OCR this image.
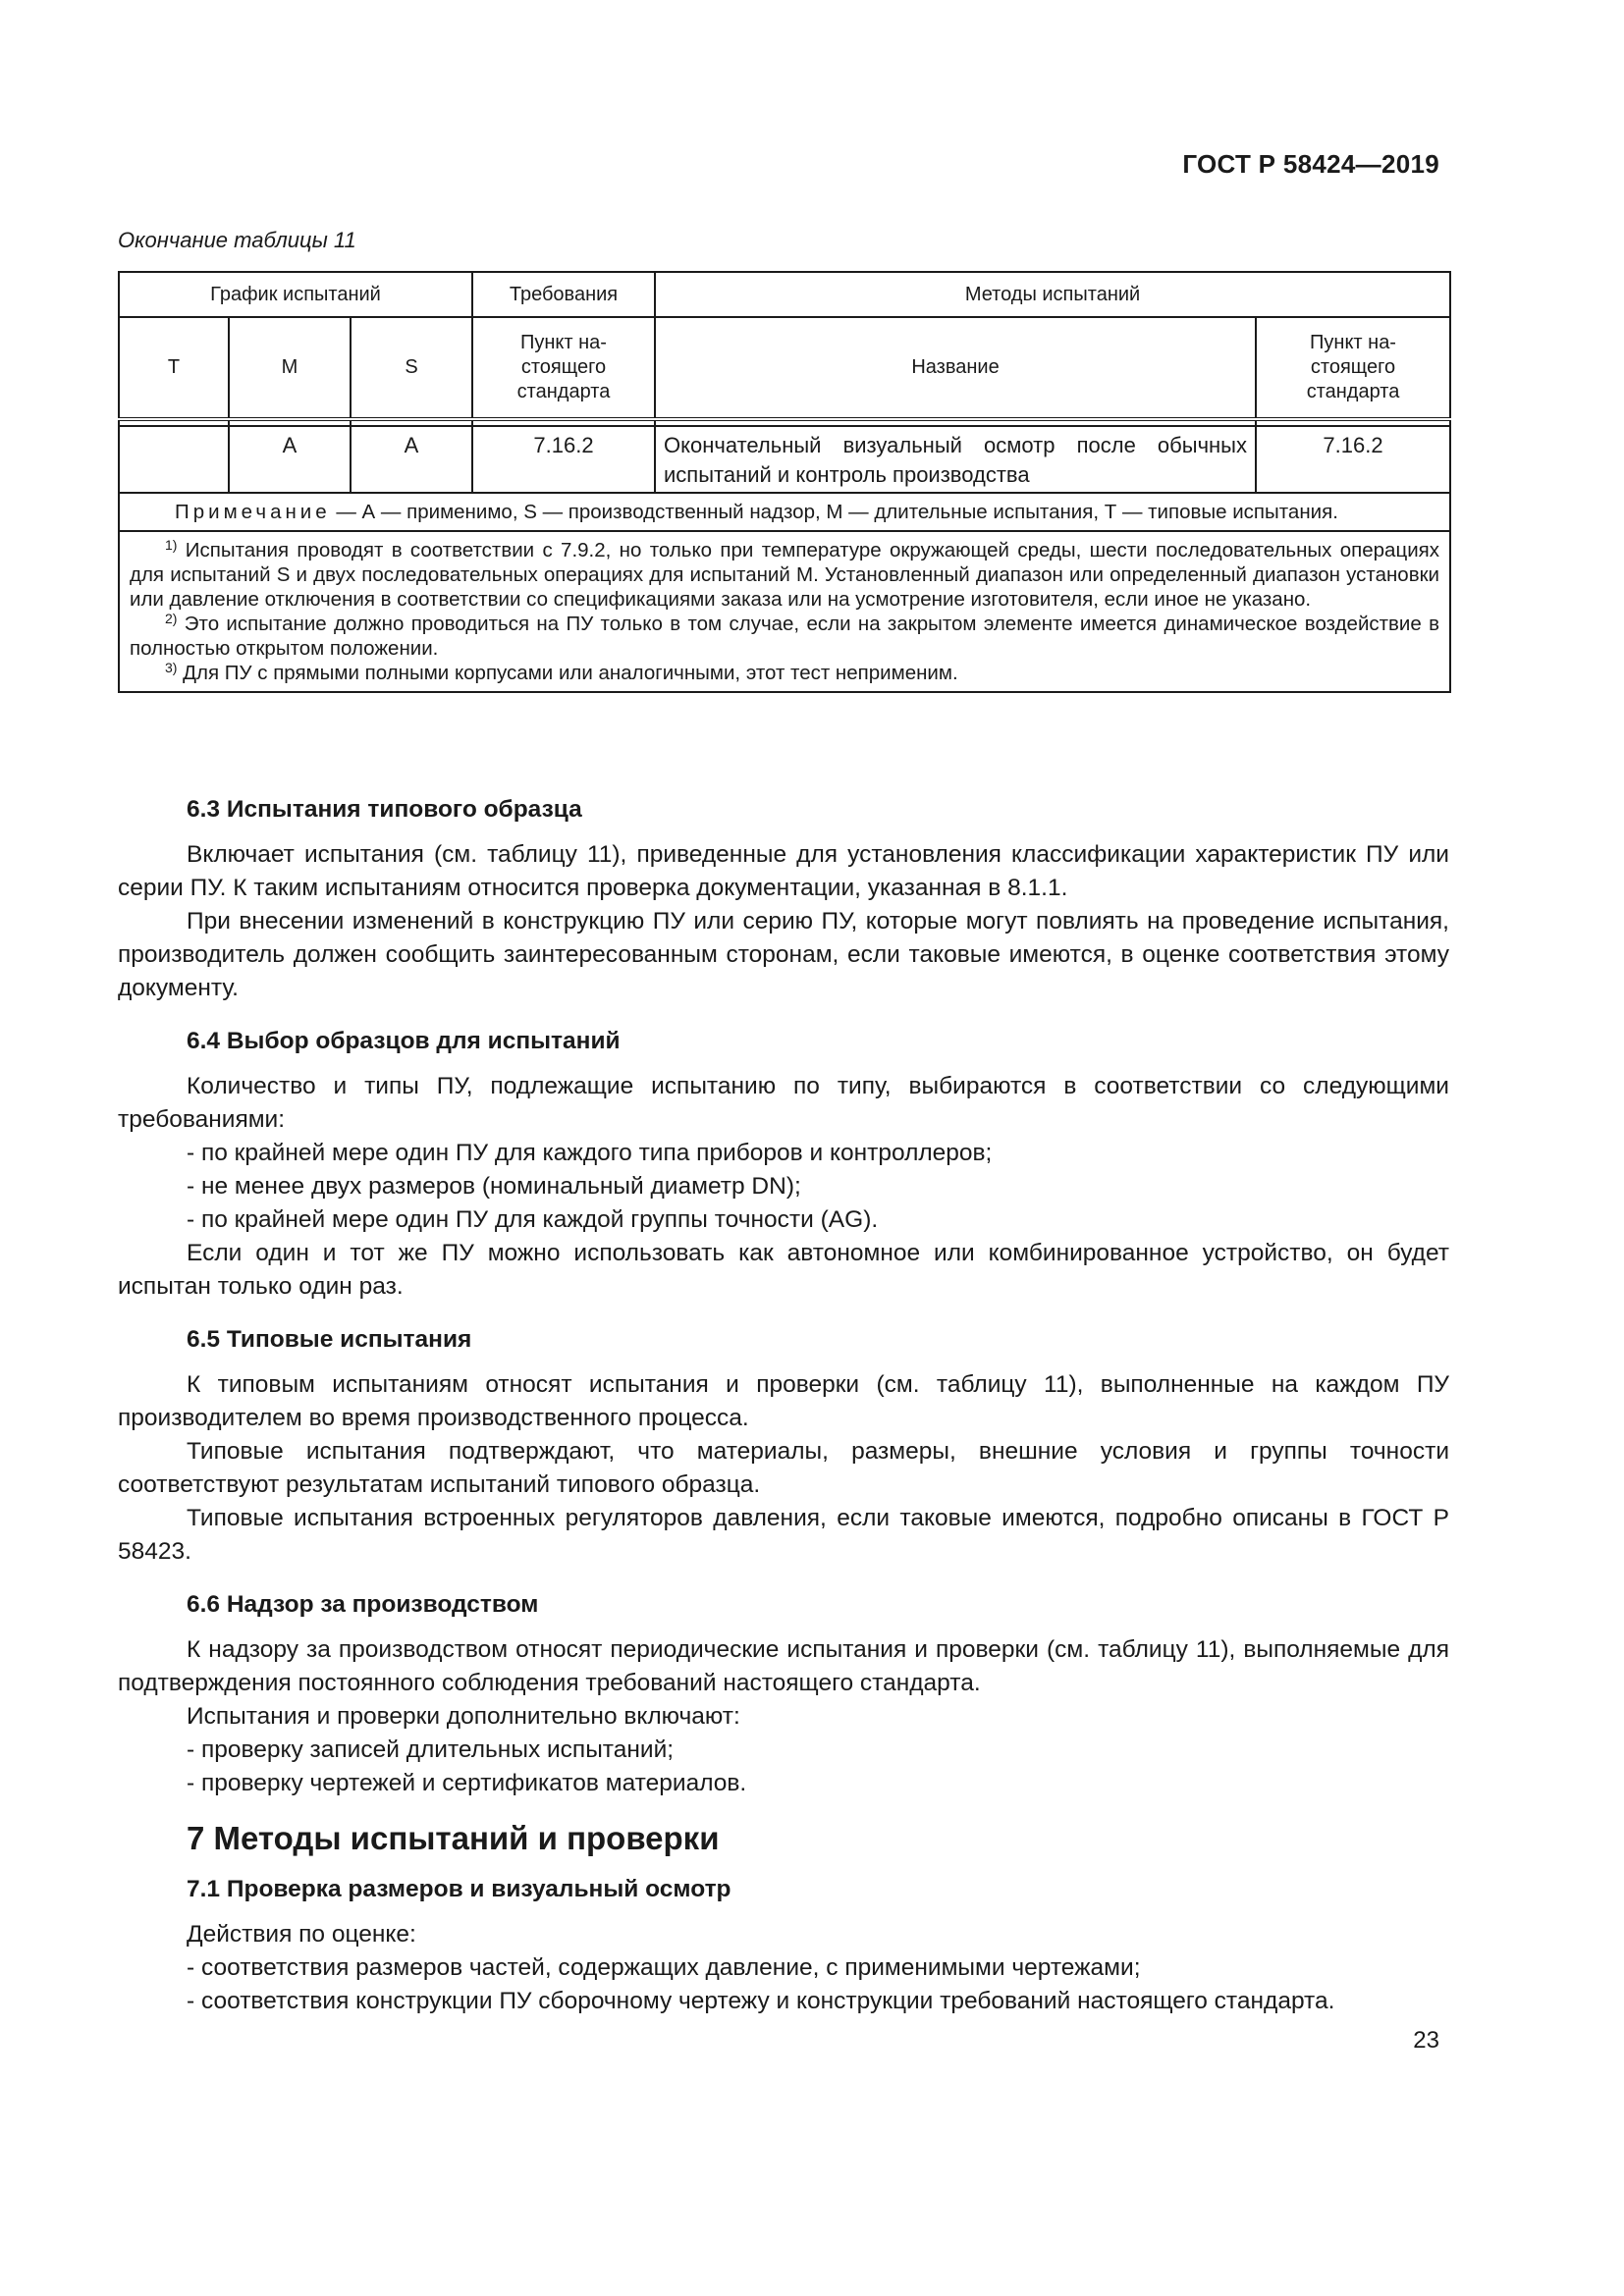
ГОСТ Р 58424—2019
Окончание таблицы 11
График испытаний			Требования	Методы испытаний	
Т	М	S	Пункт на-
стоящего
стандарта	Название	Пункт на-
стоящего
стандарта

	A	A	7.16.2	Окончательный визуальный осмотр после обычных испытаний и контроль производства	7.16.2
Примечание — А — применимо, S — производственный надзор, М — длительные испытания, Т — типовые испытания.					

$^{1)}$ Испытания проводят в соответствии с 7.9.2, но только при температуре окружающей среды, шести последовательных операциях для испытаний S и двух последовательных операциях для испытаний М. Установленный диапазон или определенный диапазон установки или давление отключения в соответствии со спецификациями заказа или на усмотрение изготовителя, если иное не указано.
$^{2)}$ Это испытание должно проводиться на ПУ только в том случае, если на закрытом элементе имеется динамическое воздействие в полностью открытом положении.
$^{3)}$ Для ПУ с прямыми полными корпусами или аналогичными, этот тест неприменим.					
6.3 Испытания типового образца

Включает испытания (см. таблицу 11), приведенные для установления классификации характеристик ПУ или серии ПУ. К таким испытаниям относится проверка документации, указанная в 8.1.1.

При внесении изменений в конструкцию ПУ или серию ПУ, которые могут повлиять на проведение испытания, производитель должен сообщить заинтересованным сторонам, если таковые имеются, в оценке соответствия этому документу.

6.4 Выбор образцов для испытаний

Количество и типы ПУ, подлежащие испытанию по типу, выбираются в соответствии со следующими требованиями:

- по крайней мере один ПУ для каждого типа приборов и контроллеров;

- не менее двух размеров (номинальный диаметр DN);

- по крайней мере один ПУ для каждой группы точности (AG).

Если один и тот же ПУ можно использовать как автономное или комбинированное устройство, он будет испытан только один раз.

6.5 Типовые испытания

К типовым испытаниям относят испытания и проверки (см. таблицу 11), выполненные на каждом ПУ производителем во время производственного процесса.

Типовые испытания подтверждают, что материалы, размеры, внешние условия и группы точности соответствуют результатам испытаний типового образца.

Типовые испытания встроенных регуляторов давления, если таковые имеются, подробно описаны в ГОСТ Р 58423.

6.6 Надзор за производством

К надзору за производством относят периодические испытания и проверки (см. таблицу 11), выполняемые для подтверждения постоянного соблюдения требований настоящего стандарта.

Испытания и проверки дополнительно включают:

- проверку записей длительных испытаний;

- проверку чертежей и сертификатов материалов.

7 Методы испытаний и проверки
7.1 Проверка размеров и визуальный осмотр

Действия по оценке:

- соответствия размеров частей, содержащих давление, с применимыми чертежами;

- соответствия конструкции ПУ сборочному чертежу и конструкции требований настоящего стандарта.

23
